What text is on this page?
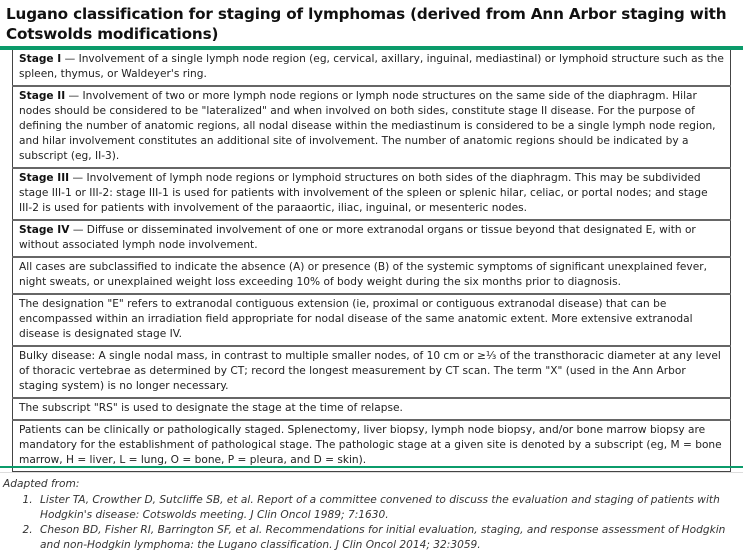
Lugano classification for staging of lymphomas (derived from Ann Arbor staging with Cotswolds modifications)
Stage I — Involvement of a single lymph node region (eg, cervical, axillary, inguinal, mediastinal) or lymphoid structure such as the spleen, thymus, or Waldeyer's ring.
Stage II — Involvement of two or more lymph node regions or lymph node structures on the same side of the diaphragm. Hilar nodes should be considered to be "lateralized" and when involved on both sides, constitute stage II disease. For the purpose of defining the number of anatomic regions, all nodal disease within the mediastinum is considered to be a single lymph node region, and hilar involvement constitutes an additional site of involvement. The number of anatomic regions should be indicated by a subscript (eg, II-3).
Stage III — Involvement of lymph node regions or lymphoid structures on both sides of the diaphragm. This may be subdivided stage III-1 or III-2: stage III-1 is used for patients with involvement of the spleen or splenic hilar, celiac, or portal nodes; and stage III-2 is used for patients with involvement of the paraaortic, iliac, inguinal, or mesenteric nodes.
Stage IV — Diffuse or disseminated involvement of one or more extranodal organs or tissue beyond that designated E, with or without associated lymph node involvement.
All cases are subclassified to indicate the absence (A) or presence (B) of the systemic symptoms of significant unexplained fever, night sweats, or unexplained weight loss exceeding 10% of body weight during the six months prior to diagnosis.
The designation "E" refers to extranodal contiguous extension (ie, proximal or contiguous extranodal disease) that can be encompassed within an irradiation field appropriate for nodal disease of the same anatomic extent. More extensive extranodal disease is designated stage IV.
Bulky disease: A single nodal mass, in contrast to multiple smaller nodes, of 10 cm or ≥⅓ of the transthoracic diameter at any level of thoracic vertebrae as determined by CT; record the longest measurement by CT scan. The term "X" (used in the Ann Arbor staging system) is no longer necessary.
The subscript "RS" is used to designate the stage at the time of relapse.
Patients can be clinically or pathologically staged. Splenectomy, liver biopsy, lymph node biopsy, and/or bone marrow biopsy are mandatory for the establishment of pathological stage. The pathologic stage at a given site is denoted by a subscript (eg, M = bone marrow, H = liver, L = lung, O = bone, P = pleura, and D = skin).
Adapted from:
1. Lister TA, Crowther D, Sutcliffe SB, et al. Report of a committee convened to discuss the evaluation and staging of patients with Hodgkin's disease: Cotswolds meeting. J Clin Oncol 1989; 7:1630.
2. Cheson BD, Fisher RI, Barrington SF, et al. Recommendations for initial evaluation, staging, and response assessment of Hodgkin and non-Hodgkin lymphoma: the Lugano classification. J Clin Oncol 2014; 32:3059.
